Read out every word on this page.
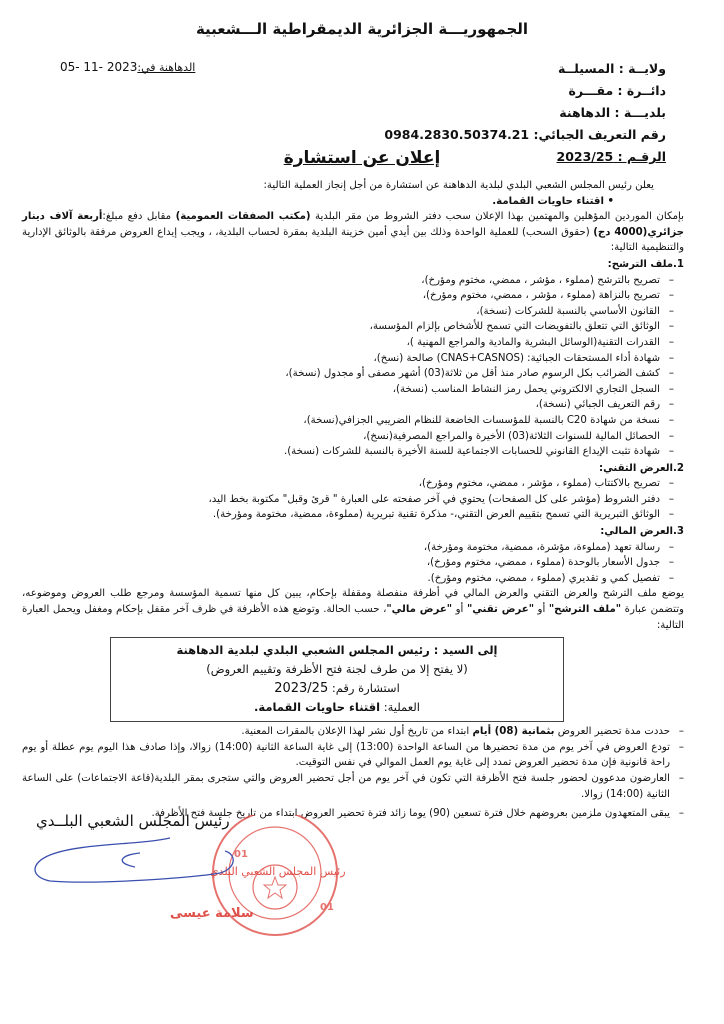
الجمهوريـــة الجزائرية الديمقراطية الـــشعبية
ولايــة : المسيلــة
دائــرة : مقـــرة
بلديـــة : الدهاهنة
رقم التعريف الجبائي: 0984.2830.50374.21
الرقـم : 2023/25
الدهاهنة في:05- 11- 2023
إعلان عن استشارة

يعلن رئيس المجلس الشعبي البلدي لبلدية الدهاهنة عن استشارة من أجل إنجاز العملية التالية:

• اقتناء حاويات القمامة.

بإمكان الموردين المؤهلين والمهتمين بهذا الإعلان سحب دفتر الشروط من مقر البلدية (مكتب الصفقات العمومية) مقابل دفع مبلغ:أربعة آلاف دينار جزائري(4000 دج) (حقوق السحب) للعملية الواحدة وذلك بين أيدي أمين خزينة البلدية بمقرة لحساب البلدية، ، ويجب إيداع العروض مرفقة بالوثائق الإدارية والتنظيمية التالية:

1.ملف الترشح:

– تصريح بالترشح (مملوء ، مؤشر ، ممضي، مختوم ومؤرخ)،
– تصريح بالنزاهة (مملوء ، مؤشر ، ممضي، مختوم ومؤرخ)،
– القانون الأساسي بالنسبة للشركات (نسخة)،
– الوثائق التي تتعلق بالتفويضات التي تسمح للأشخاص بإلزام المؤسسة،
– القدرات التقنية(الوسائل البشرية والمادية والمراجع المهنية )،
– شهادة أداء المستحقات الجبائية: (CNAS+CASNOS) صالحة (نسخ)،
– كشف الضرائب بكل الرسوم صادر منذ أقل من ثلاثة(03) أشهر مصفى أو مجدول (نسخة)،
– السجل التجاري الالكتروني يحمل رمز النشاط المناسب (نسخة)،
– رقم التعريف الجبائي (نسخة)،
– نسخة من شهادة C20 بالنسبة للمؤسسات الخاضعة للنظام الضريبي الجزافي(نسخة)،
– الحصائل المالية للسنوات الثلاثة(03) الأخيرة والمراجع المصرفية(نسخ)،
– شهادة تثبت الإيداع القانوني للحسابات الاجتماعية للسنة الأخيرة بالنسبة للشركات (نسخة).

2.العرض التقني:

– تصريح بالاكتتاب (مملوء ، مؤشر ، ممضي، مختوم ومؤرخ)،
– دفتر الشروط (مؤشر على كل الصفحات) يحتوي في آخر صفحته على العبارة " قرئ وقبل" مكتوبة بخط اليد،
– الوثائق التبريرية التي تسمح بتقييم العرض التقني،- مذكرة تقنية تبريرية (مملوءة، ممضية، مختومة ومؤرخة).

3.العرض المالي:

– رسالة تعهد (مملوءة، مؤشرة، ممضية، مختومة ومؤرخة)،
– جدول الأسعار بالوحدة (مملوء ، ممضي، مختوم ومؤرخ)،
– تفصيل كمي و تقديري (مملوء ، ممضي، مختوم ومؤرخ).

يوضع ملف الترشح والعرض التقني والعرض المالي في أظرفة منفصلة ومقفلة بإحكام، يبين كل منها تسمية المؤسسة ومرجع طلب العروض وموضوعه، وتتضمن عبارة "ملف الترشح" أو "عرض تقني" أو "عرض مالي"، حسب الحالة. وتوضع هذه الأظرفة في ظرف آخر مقفل بإحكام ومغفل ويحمل العبارة التالية:

إلى السيد : رئيس المجلس الشعبي البلدي لبلدية الدهاهنة
(لا يفتح إلا من طرف لجنة فتح الأظرفة وتقييم العروض)
استشارة رقم: 2023/25
العملية: اقتناء حاويات القمامة.
– حددت مدة تحضير العروض بثمانية (08) أيام ابتداء من تاريخ أول نشر لهذا الإعلان بالمقرات المعنية.
– تودع العروض في آخر يوم من مدة تحضيرها من الساعة الواحدة (13:00) إلى غاية الساعة الثانية (14:00) زوالا، وإذا صادف هذا اليوم يوم عطلة أو يوم راحة قانونية فإن مدة تحضير العروض تمدد إلى غاية يوم العمل الموالي في نفس التوقيت.
– العارضون مدعوون لحضور جلسة فتح الأظرفة التي تكون في آخر يوم من أجل تحضير العروض والتي ستجرى بمقر البلدية(قاعة الاجتماعات) على الساعة الثانية (14:00) زوالا.
– يبقى المتعهدون ملزمين بعروضهم خلال فترة تسعين (90) يوما زائد فترة تحضير العروض ابتداء من تاريخ جلسة فتح الأظرفة.
رئيس المجلس الشعبي البلــدي
01
01
رئيس المجلس الشعبي البلدي
سلامة عيسى
